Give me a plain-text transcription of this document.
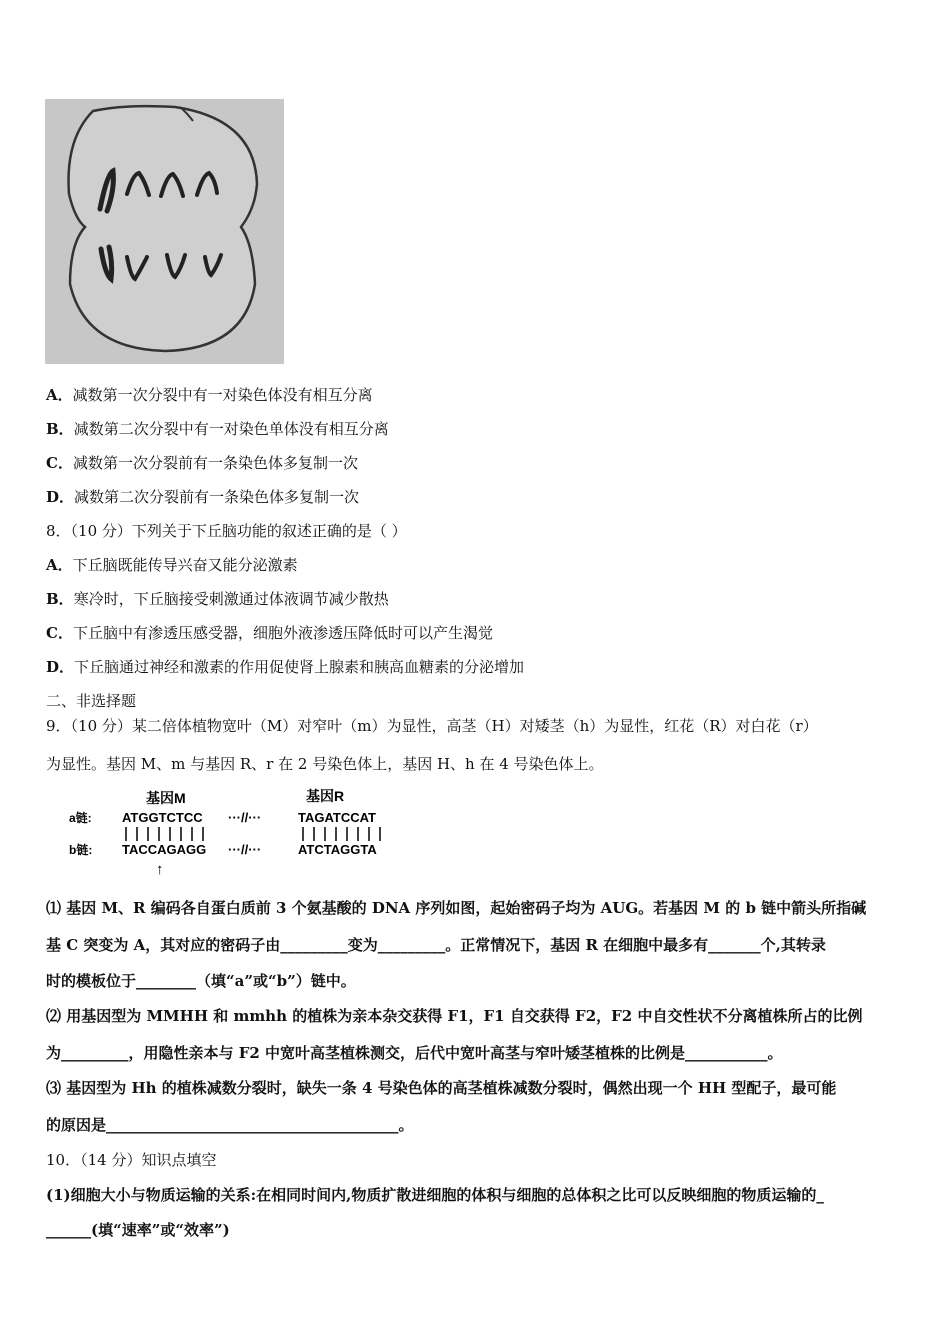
A．减数第一次分裂中有一对染色体没有相互分离
B．减数第二次分裂中有一对染色单体没有相互分离
C．减数第一次分裂前有一条染色体多复制一次
D．减数第二次分裂前有一条染色体多复制一次
8．（10 分）下列关于下丘脑功能的叙述正确的是（ ）
A．下丘脑既能传导兴奋又能分泌激素
B．寒冷时，下丘脑接受刺激通过体液调节减少散热
C．下丘脑中有渗透压感受器，细胞外液渗透压降低时可以产生渴觉
D．下丘脑通过神经和激素的作用促使肾上腺素和胰高血糖素的分泌增加
二、非选择题
9．（10 分）某二倍体植物宽叶（M）对窄叶（m）为显性，高茎（H）对矮茎（h）为显性，红花（R）对白花（r）
为显性。基因 M、m 与基因 R、r 在 2 号染色体上，基因 H、h 在 4 号染色体上。
基因M	基因R
a链: ATGGTCTCC ···//···	TAGATCCAT
b链: TACCAGAGG ···//···	ATCTAGGTA
↑
⑴ 基因 M、R 编码各自蛋白质前 3 个氨基酸的 DNA 序列如图，起始密码子均为 AUG。若基因 M 的 b 链中箭头所指碱
基 C 突变为 A，其对应的密码子由_________变为_________。正常情况下，基因 R 在细胞中最多有_______个,其转录
时的模板位于________（填“a”或“b”）链中。
⑵ 用基因型为 MMHH 和 mmhh 的植株为亲本杂交获得 F1，F1 自交获得 F2，F2 中自交性状不分离植株所占的比例
为_________，用隐性亲本与 F2 中宽叶高茎植株测交，后代中宽叶高茎与窄叶矮茎植株的比例是___________。
⑶ 基因型为 Hh 的植株减数分裂时，缺失一条 4 号染色体的高茎植株减数分裂时，偶然出现一个 HH 型配子，最可能
的原因是_______________________________________。
10．（14 分）知识点填空
(1)细胞大小与物质运输的关系:在相同时间内,物质扩散进细胞的体积与细胞的总体积之比可以反映细胞的物质运输的_
______(填“速率”或“效率”)
